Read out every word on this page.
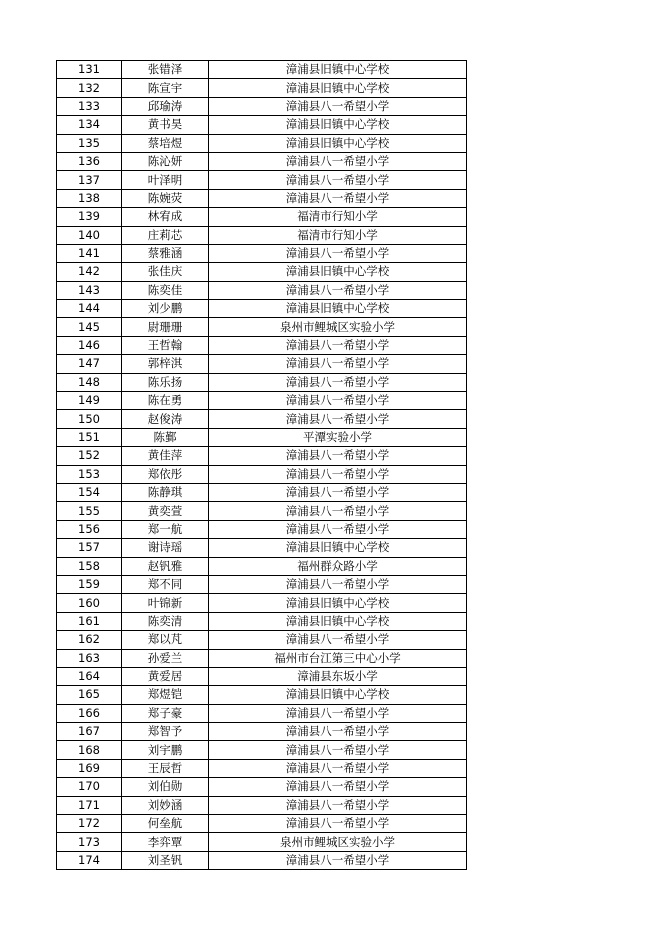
131	张错泽	漳浦县旧镇中心学校
132	陈宣宇	漳浦县旧镇中心学校
133	邱瑜涛	漳浦县八一希望小学
134	黄书昊	漳浦县旧镇中心学校
135	蔡培煜	漳浦县旧镇中心学校
136	陈沁妍	漳浦县八一希望小学
137	叶泽明	漳浦县八一希望小学
138	陈婉荧	漳浦县八一希望小学
139	林宥成	福清市行知小学
140	庄莉芯	福清市行知小学
141	蔡雅涵	漳浦县八一希望小学
142	张佳庆	漳浦县旧镇中心学校
143	陈奕佳	漳浦县八一希望小学
144	刘少鹏	漳浦县旧镇中心学校
145	尉珊珊	泉州市鲤城区实验小学
146	王哲翰	漳浦县八一希望小学
147	郭梓淇	漳浦县八一希望小学
148	陈乐扬	漳浦县八一希望小学
149	陈在勇	漳浦县八一希望小学
150	赵俊涛	漳浦县八一希望小学
151	陈鄞	平潭实验小学
152	黄佳萍	漳浦县八一希望小学
153	郑依彤	漳浦县八一希望小学
154	陈静琪	漳浦县八一希望小学
155	黄奕萱	漳浦县八一希望小学
156	郑一航	漳浦县八一希望小学
157	谢诗瑶	漳浦县旧镇中心学校
158	赵钒雅	福州群众路小学
159	郑不同	漳浦县八一希望小学
160	叶锦新	漳浦县旧镇中心学校
161	陈奕清	漳浦县旧镇中心学校
162	郑以芃	漳浦县八一希望小学
163	孙爱兰	福州市台江第三中心小学
164	黄爱居	漳浦县东坂小学
165	郑煜铠	漳浦县旧镇中心学校
166	郑子豪	漳浦县八一希望小学
167	郑智予	漳浦县八一希望小学
168	刘宇鹏	漳浦县八一希望小学
169	王辰哲	漳浦县八一希望小学
170	刘伯勋	漳浦县八一希望小学
171	刘妙涵	漳浦县八一希望小学
172	何垒航	漳浦县八一希望小学
173	李弈覃	泉州市鲤城区实验小学
174	刘圣钒	漳浦县八一希望小学
